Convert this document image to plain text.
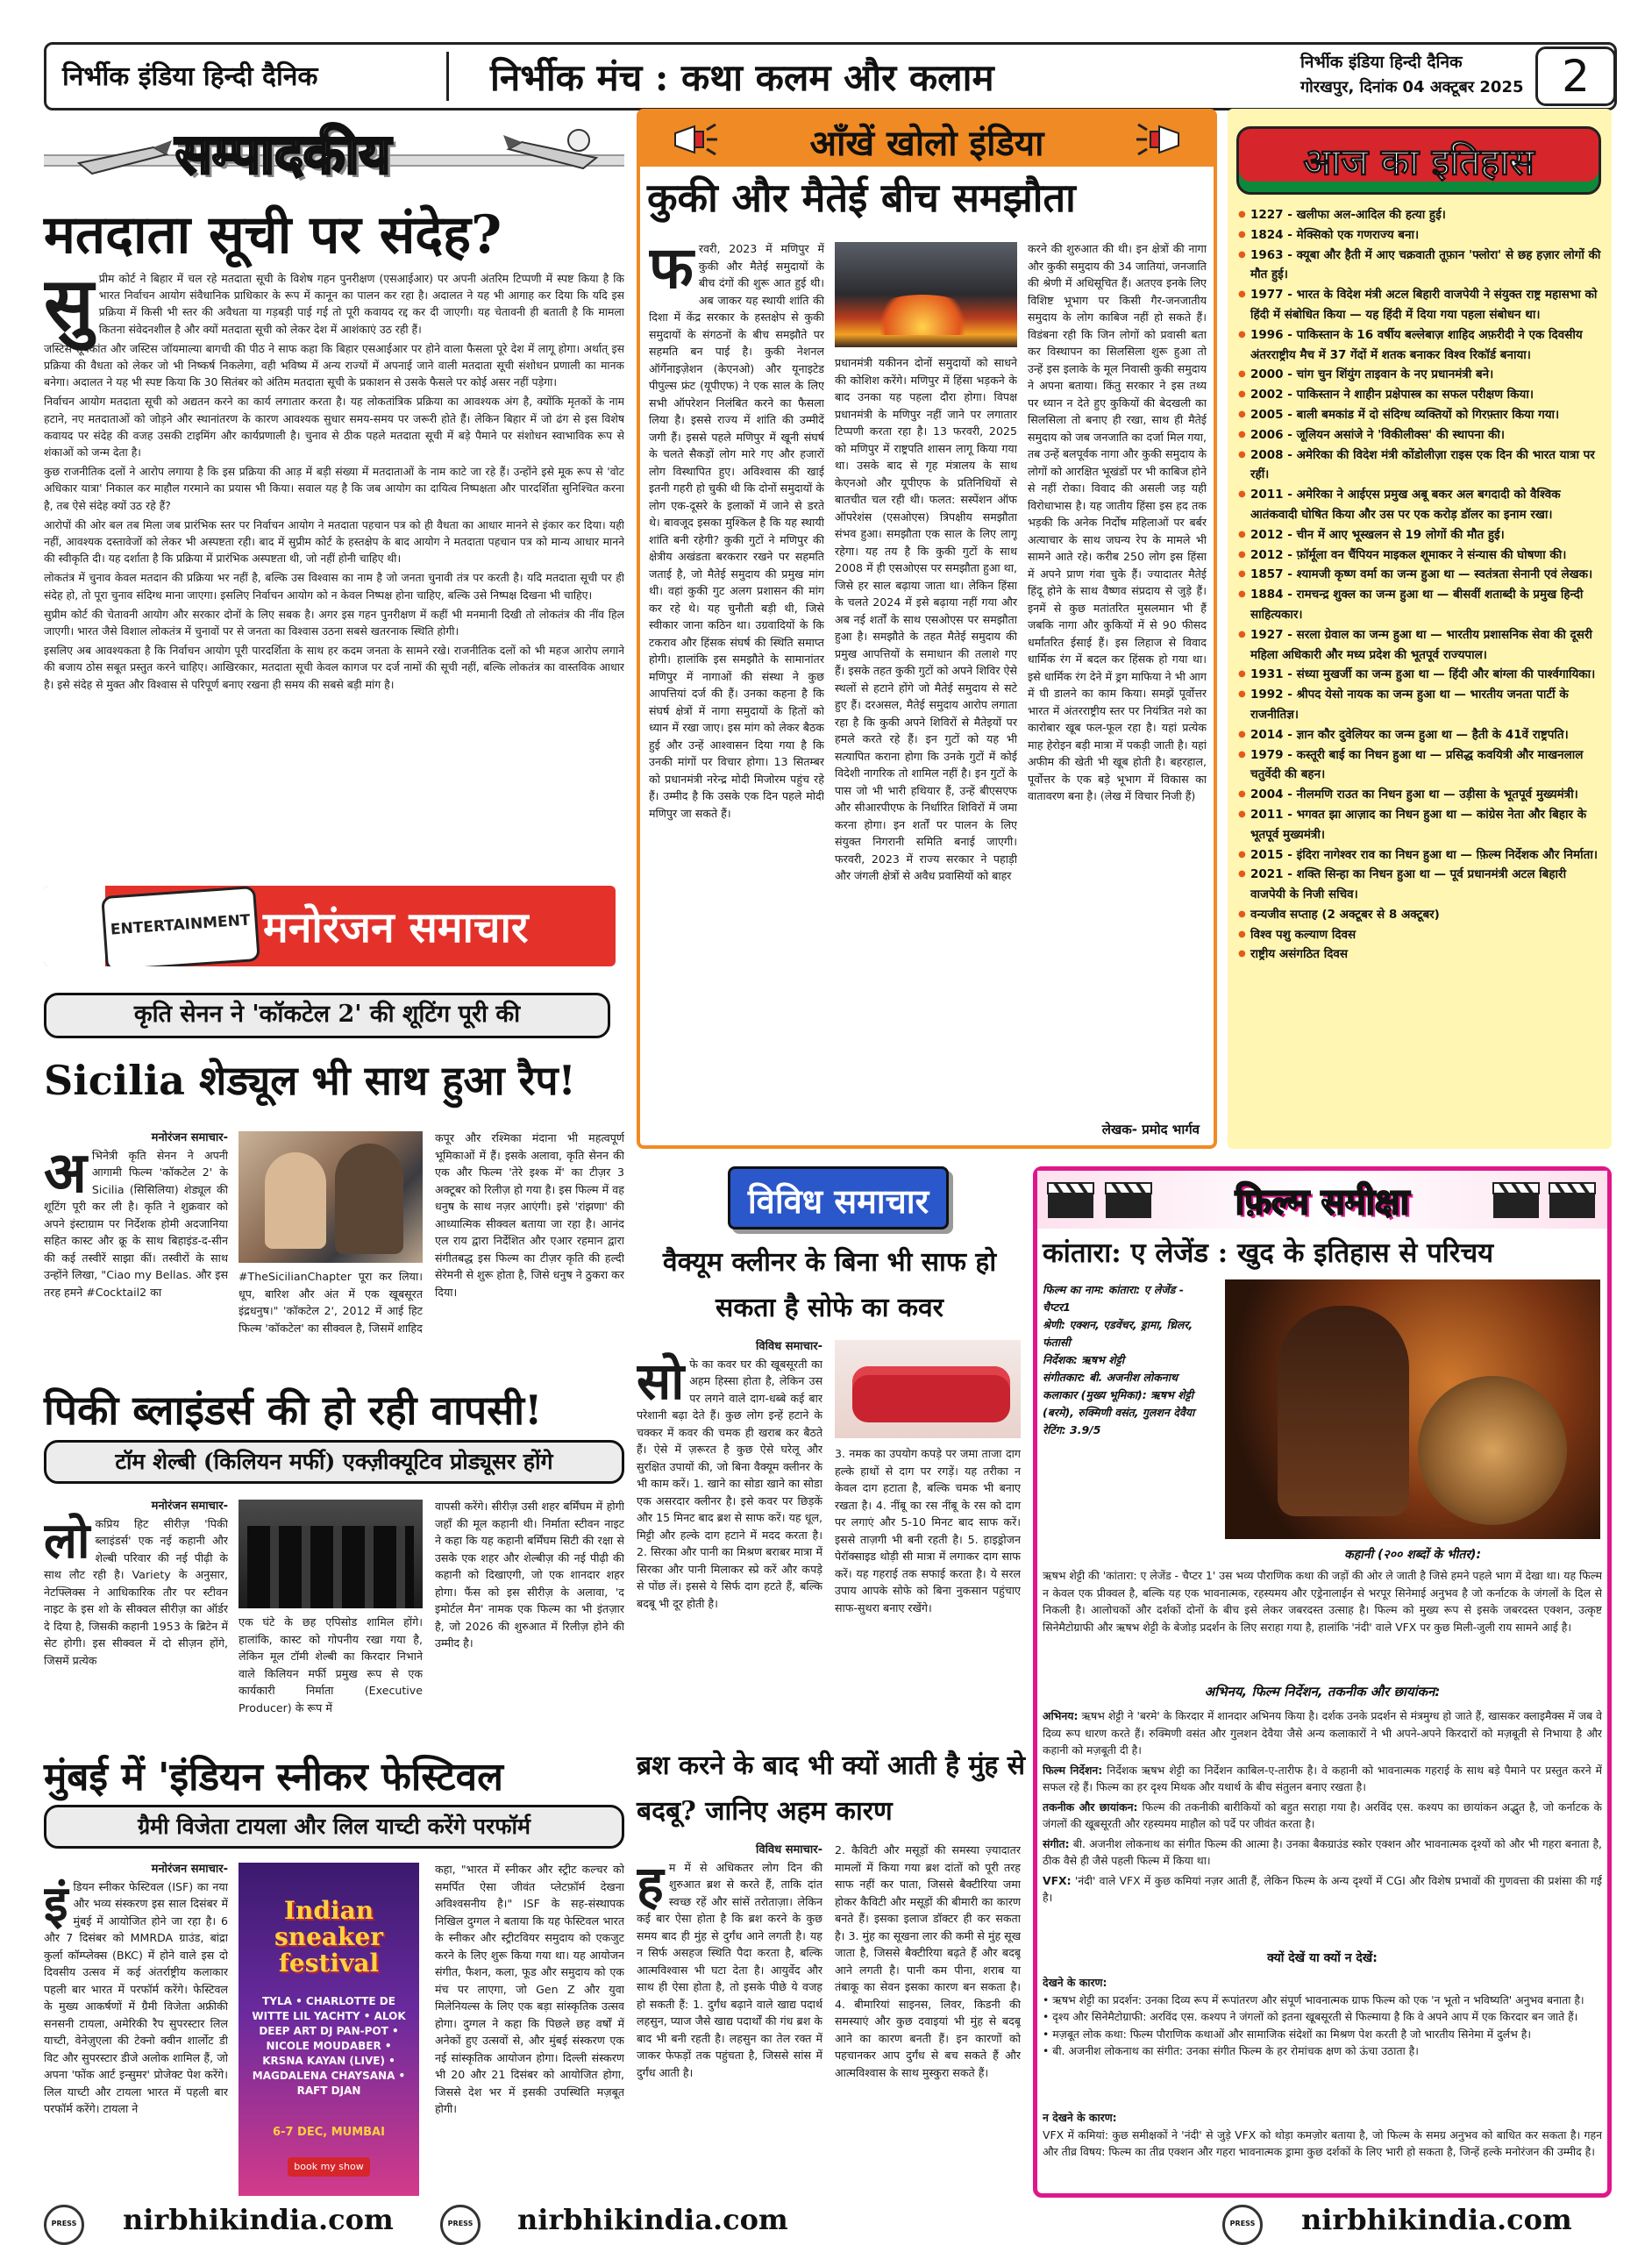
निर्भीक इंडिया हिन्दी दैनिक	निर्भीक मंच : कथा कलम और कलाम	निर्भीक इंडिया हिन्दी दैनिक
गोरखपुर, दिनांक 04 अक्टूबर 2025 2
सम्पादकीय
मतदाता सूची पर संदेह?
सु प्रीम कोर्ट ने बिहार में चल रहे मतदाता सूची के विशेष गहन पुनरीक्षण (एसआईआर) पर अपनी अंतरिम टिप्पणी में स्पष्ट किया है कि भारत निर्वाचन आयोग संवैधानिक प्राधिकार के रूप में कानून का पालन कर रहा है। अदालत ने यह भी आगाह कर दिया कि यदि इस प्रक्रिया में किसी भी स्तर की अवैधता या गड़बड़ी पाई गई तो पूरी कवायद रद्द कर दी जाएगी। यह चेतावनी ही बताती है कि मामला कितना संवेदनशील है और क्यों मतदाता सूची को लेकर देश में आशंकाएं उठ रही हैं।

जस्टिस सूर्यकांत और जस्टिस जॉयमाल्या बागची की पीठ ने साफ कहा कि बिहार एसआईआर पर होने वाला फैसला पूरे देश में लागू होगा। अर्थात् इस प्रक्रिया की वैधता को लेकर जो भी निष्कर्ष निकलेगा, वही भविष्य में अन्य राज्यों में अपनाई जाने वाली मतदाता सूची संशोधन प्रणाली का मानक बनेगा। अदालत ने यह भी स्पष्ट किया कि 30 सितंबर को अंतिम मतदाता सूची के प्रकाशन से उसके फैसले पर कोई असर नहीं पड़ेगा।

निर्वाचन आयोग मतदाता सूची को अद्यतन करने का कार्य लगातार करता है। यह लोकतांत्रिक प्रक्रिया का आवश्यक अंग है, क्योंकि मृतकों के नाम हटाने, नए मतदाताओं को जोड़ने और स्थानांतरण के कारण आवश्यक सुधार समय-समय पर जरूरी होते हैं। लेकिन बिहार में जो ढंग से इस विशेष कवायद पर संदेह की वजह उसकी टाइमिंग और कार्यप्रणाली है। चुनाव से ठीक पहले मतदाता सूची में बड़े पैमाने पर संशोधन स्वाभाविक रूप से शंकाओं को जन्म देता है।

कुछ राजनीतिक दलों ने आरोप लगाया है कि इस प्रक्रिया की आड़ में बड़ी संख्या में मतदाताओं के नाम काटे जा रहे हैं। उन्होंने इसे मूक रूप से 'वोट अधिकार यात्रा' निकाल कर माहौल गरमाने का प्रयास भी किया। सवाल यह है कि जब आयोग का दायित्व निष्पक्षता और पारदर्शिता सुनिश्चित करना है, तब ऐसे संदेह क्यों उठ रहे हैं?

आरोपों की ओर बल तब मिला जब प्रारंभिक स्तर पर निर्वाचन आयोग ने मतदाता पहचान पत्र को ही वैधता का आधार मानने से इंकार कर दिया। यही नहीं, आवश्यक दस्तावेजों को लेकर भी अस्पष्टता रही। बाद में सुप्रीम कोर्ट के हस्तक्षेप के बाद आयोग ने मतदाता पहचान पत्र को मान्य आधार मानने की स्वीकृति दी। यह दर्शाता है कि प्रक्रिया में प्रारंभिक अस्पष्टता थी, जो नहीं होनी चाहिए थी।

लोकतंत्र में चुनाव केवल मतदान की प्रक्रिया भर नहीं है, बल्कि उस विश्वास का नाम है जो जनता चुनावी तंत्र पर करती है। यदि मतदाता सूची पर ही संदेह हो, तो पूरा चुनाव संदिग्ध माना जाएगा। इसलिए निर्वाचन आयोग को न केवल निष्पक्ष होना चाहिए, बल्कि उसे निष्पक्ष दिखना भी चाहिए।

सुप्रीम कोर्ट की चेतावनी आयोग और सरकार दोनों के लिए सबक है। अगर इस गहन पुनरीक्षण में कहीं भी मनमानी दिखी तो लोकतंत्र की नींव हिल जाएगी। भारत जैसे विशाल लोकतंत्र में चुनावों पर से जनता का विश्वास उठना सबसे खतरनाक स्थिति होगी।

इसलिए अब आवश्यकता है कि निर्वाचन आयोग पूरी पारदर्शिता के साथ हर कदम जनता के सामने रखे। राजनीतिक दलों को भी महज आरोप लगाने की बजाय ठोस सबूत प्रस्तुत करने चाहिए। आखिरकार, मतदाता सूची केवल कागज पर दर्ज नामों की सूची नहीं, बल्कि लोकतंत्र का वास्तविक आधार है। इसे संदेह से मुक्त और विश्वास से परिपूर्ण बनाए रखना ही समय की सबसे बड़ी मांग है।

ENTERTAINMENT मनोरंजन समाचार
कृति सेनन ने 'कॉकटेल 2' की शूटिंग पूरी की
Sicilia शेड्यूल भी साथ हुआ रैप!
मनोरंजन समाचार-
अ भिनेत्री कृति सेनन ने अपनी आगामी फिल्म 'कॉकटेल 2' के Sicilia (सिसिलिया) शेड्यूल की शूटिंग पूरी कर ली है। कृति ने शुक्रवार को अपने इंस्टाग्राम पर निर्देशक होमी अदजानिया सहित कास्ट और क्रू के साथ बिहाइंड-द-सीन की कई तस्वीरें साझा कीं। तस्वीरों के साथ उन्होंने लिखा, "Ciao my Bellas. और इस तरह हमने #Cocktail2 का
#TheSicilianChapter पूरा कर लिया। धूप, बारिश और अंत में एक खूबसूरत इंद्रधनुष।" 'कॉकटेल 2', 2012 में आई हिट फिल्म 'कॉकटेल' का सीक्वल है, जिसमें शाहिद
कपूर और रश्मिका मंदाना भी महत्वपूर्ण भूमिकाओं में हैं। इसके अलावा, कृति सेनन की एक और फिल्म 'तेरे इश्क में' का टीज़र 3 अक्टूबर को रिलीज़ हो गया है। इस फिल्म में वह धनुष के साथ नज़र आएंगी। इसे 'रांझणा' की आध्यात्मिक सीक्वल बताया जा रहा है। आनंद एल राय द्वारा निर्देशित और एआर रहमान द्वारा संगीतबद्ध इस फिल्म का टीज़र कृति की हल्दी सेरेमनी से शुरू होता है, जिसे धनुष ने ठुकरा कर दिया।
पिकी ब्लाइंडर्स की हो रही वापसी!
टॉम शेल्बी (किलियन मर्फी) एक्ज़ीक्यूटिव प्रोड्यूसर होंगे
मनोरंजन समाचार-
लो कप्रिय हिट सीरीज़ 'पिकी ब्लाइंडर्स' एक नई कहानी और शेल्बी परिवार की नई पीढ़ी के साथ लौट रही है। Variety के अनुसार, नेटफ्लिक्स ने आधिकारिक तौर पर स्टीवन नाइट के इस शो के सीक्वल सीरीज़ का ऑर्डर दे दिया है, जिसकी कहानी 1953 के ब्रिटेन में सेट होगी। इस सीक्वल में दो सीज़न होंगे, जिसमें प्रत्येक
एक घंटे के छह एपिसोड शामिल होंगे। हालांकि, कास्ट को गोपनीय रखा गया है, लेकिन मूल टॉमी शेल्बी का किरदार निभाने वाले किलियन मर्फी प्रमुख रूप से एक कार्यकारी निर्माता (Executive Producer) के रूप में
वापसी करेंगे। सीरीज़ उसी शहर बर्मिंघम में होगी जहाँ की मूल कहानी थी। निर्माता स्टीवन नाइट ने कहा कि यह कहानी बर्मिंघम सिटी की रक्षा से उसके एक शहर और शेल्बीज़ की नई पीढ़ी की कहानी को दिखाएगी, जो एक शानदार शहर होगा। फैंस को इस सीरीज़ के अलावा, 'द इमोर्टल मैन' नामक एक फिल्म का भी इंतज़ार है, जो 2026 की शुरुआत में रिलीज़ होने की उम्मीद है।
मुंबई में 'इंडियन स्नीकर फेस्टिवल
ग्रैमी विजेता टायला और लिल याच्टी करेंगे परफॉर्म
मनोरंजन समाचार-
इं डियन स्नीकर फेस्टिवल (ISF) का नया और भव्य संस्करण इस साल दिसंबर में मुंबई में आयोजित होने जा रहा है। 6 और 7 दिसंबर को MMRDA ग्राउंड, बांद्रा कुर्ला कॉम्प्लेक्स (BKC) में होने वाले इस दो दिवसीय उत्सव में कई अंतर्राष्ट्रीय कलाकार पहली बार भारत में परफॉर्म करेंगे। फेस्टिवल के मुख्य आकर्षणों में ग्रैमी विजेता अफ्रीकी सनसनी टायला, अमेरिकी रैप सुपरस्टार लिल याच्टी, वेनेज़ुएला की टेक्नो क्वीन शार्लोट डी विट और सुपरस्टार डीजे अलोक शामिल हैं, जो अपना 'फोंक आर्ट इन्सुमर' प्रोजेक्ट पेश करेंगे। लिल याच्टी और टायला भारत में पहली बार परफॉर्म करेंगे। टायला ने
Indian sneaker festival
TYLA • CHARLOTTE DE WITTE LIL YACHTY • ALOK DEEP ART DJ PAN-POT • NICOLE MOUDABER • KRSNA KAYAN (LIVE) • MAGDALENA CHAYSANA • RAFT DJAN
6-7 DEC, MUMBAI
book my show
कहा, "भारत में स्नीकर और स्ट्रीट कल्चर को समर्पित ऐसा जीवंत प्लेटफ़ॉर्म देखना अविश्वसनीय है।" ISF के सह-संस्थापक निखिल दुग्गल ने बताया कि यह फेस्टिवल भारत के स्नीकर और स्ट्रीटवियर समुदाय को एकजुट करने के लिए शुरू किया गया था। यह आयोजन संगीत, फैशन, कला, फूड और समुदाय को एक मंच पर लाएगा, जो Gen Z और युवा मिलेनियल्स के लिए एक बड़ा सांस्कृतिक उत्सव होगा। दुग्गल ने कहा कि पिछले छह वर्षों में अनेकों हुए उत्सवों से, और मुंबई संस्करण एक नई सांस्कृतिक आयोजन होगा। दिल्ली संस्करण भी 20 और 21 दिसंबर को आयोजित होगा, जिससे देश भर में इसकी उपस्थिति मज़बूत होगी।
आँखें खोलो इंडिया
कुकी और मैतेई बीच समझौता
फ रवरी, 2023 में मणिपुर में कुकी और मैतेई समुदायों के बीच दंगों की शुरू आत हुई थी। अब जाकर यह स्थायी शांति की दिशा में केंद्र सरकार के हस्तक्षेप से कुकी समुदायों के संगठनों के बीच समझौते पर सहमति बन पाई है। कुकी नेशनल ऑर्गेनाइज़ेशन (केएनओ) और यूनाइटेड पीपुल्स फ्रंट (यूपीएफ) ने एक साल के लिए सभी ऑपरेशन निलंबित करने का फैसला लिया है। इससे राज्य में शांति की उम्मीदें जगी हैं। इससे पहले मणिपुर में खूनी संघर्ष के चलते सैकड़ों लोग मारे गए और हजारों लोग विस्थापित हुए। अविश्वास की खाई इतनी गहरी हो चुकी थी कि दोनों समुदायों के लोग एक-दूसरे के इलाकों में जाने से डरते थे। बावजूद इसका मुश्किल है कि यह स्थायी शांति बनी रहेगी? कुकी गुटों ने मणिपुर की क्षेत्रीय अखंडता बरकरार रखने पर सहमति जताई है, जो मैतेई समुदाय की प्रमुख मांग थी। वहां कुकी गुट अलग प्रशासन की मांग कर रहे थे। यह चुनौती बड़ी थी, जिसे स्वीकार जाना कठिन था। उग्रवादियों के कि टकराव और हिंसक संघर्ष की स्थिति समाप्त होगी। हालांकि इस समझौते के सामानांतर मणिपुर में नागाओं की संस्था ने कुछ आपत्तियां दर्ज की हैं। उनका कहना है कि संघर्ष क्षेत्रों में नागा समुदायों के हितों को ध्यान में रखा जाए। इस मांग को लेकर बैठक हुई और उन्हें आश्वासन दिया गया है कि उनकी मांगों पर विचार होगा। 13 सितम्बर को प्रधानमंत्री नरेन्द्र मोदी मिजोरम पहुंच रहे हैं। उम्मीद है कि उसके एक दिन पहले मोदी मणिपुर जा सकते हैं।
प्रधानमंत्री यकीनन दोनों समुदायों को साधने की कोशिश करेंगे। मणिपुर में हिंसा भड़कने के बाद उनका यह पहला दौरा होगा। विपक्ष प्रधानमंत्री के मणिपुर नहीं जाने पर लगातार टिप्पणी करता रहा है। 13 फरवरी, 2025 को मणिपुर में राष्ट्रपति शासन लागू किया गया था। उसके बाद से गृह मंत्रालय के साथ केएनओ और यूपीएफ के प्रतिनिधियों से बातचीत चल रही थी। फलत: सस्पेंशन ऑफ ऑपरेशंस (एसओएस) त्रिपक्षीय समझौता संभव हुआ। समझौता एक साल के लिए लागू रहेगा। यह तय है कि कुकी गुटों के साथ 2008 में ही एसओएस पर समझौता हुआ था, जिसे हर साल बढ़ाया जाता था। लेकिन हिंसा के चलते 2024 में इसे बढ़ाया नहीं गया और अब नई शर्तों के साथ एसओएस पर समझौता हुआ है। समझौते के तहत मैतेई समुदाय की प्रमुख आपत्तियों के समाधान की तलाशे गए हैं। इसके तहत कुकी गुटों को अपने शिविर ऐसे स्थलों से हटाने होंगे जो मैतेई समुदाय से सटे हुए हैं। दरअसल, मैतेई समुदाय आरोप लगाता रहा है कि कुकी अपने शिविरों से मैतेइयों पर हमले करते रहे हैं। इन गुटों को यह भी सत्यापित कराना होगा कि उनके गुटों में कोई विदेशी नागरिक तो शामिल नहीं है। इन गुटों के पास जो भी भारी हथियार हैं, उन्हें बीएसएफ और सीआरपीएफ के निर्धारित शिविरों में जमा करना होगा। इन शर्तों पर पालन के लिए संयुक्त निगरानी समिति बनाई जाएगी। फरवरी, 2023 में राज्य सरकार ने पहाड़ी और जंगली क्षेत्रों से अवैध प्रवासियों को बाहर
करने की शुरुआत की थी। इन क्षेत्रों की नागा और कुकी समुदाय की 34 जातियां, जनजाति की श्रेणी में अधिसूचित हैं। अतएव इनके लिए विशिष्ट भूभाग पर किसी गैर-जनजातीय समुदाय के लोग काबिज नहीं हो सकते हैं। विडंबना रही कि जिन लोगों को प्रवासी बता कर विस्थापन का सिलसिला शुरू हुआ तो उन्हें इस इलाके के मूल निवासी कुकी समुदाय ने अपना बताया। किंतु सरकार ने इस तथ्य पर ध्यान न देते हुए कुकियों की बेदखली का सिलसिला तो बनाए ही रखा, साथ ही मैतेई समुदाय को जब जनजाति का दर्जा मिल गया, तब उन्हें बलपूर्वक नागा और कुकी समुदाय के लोगों को आरक्षित भूखंडों पर भी काबिज होने से नहीं रोका। विवाद की असली जड़ यही विरोधाभास है। यह जातीय हिंसा इस हद तक भड़की कि अनेक निर्दोष महिलाओं पर बर्बर अत्याचार के साथ जघन्य रेप के मामले भी सामने आते रहे। करीब 250 लोग इस हिंसा में अपने प्राण गंवा चुके हैं। ज्यादातर मैतेई हिंदू होने के साथ वैष्णव संप्रदाय से जुड़े हैं। इनमें से कुछ मतांतरित मुसलमान भी हैं जबकि नागा और कुकियों में से 90 फीसद धर्मांतरित ईसाई हैं। इस लिहाज से विवाद धार्मिक रंग में बदल कर हिंसक हो गया था। इसे धार्मिक रंग देने में ड्रग माफिया ने भी आग में घी डालने का काम किया। समझें पूर्वोत्तर भारत में अंतरराष्ट्रीय स्तर पर नियंत्रित नशे का कारोबार खूब फल-फूल रहा है। यहां प्रत्येक माह हेरोइन बड़ी मात्रा में पकड़ी जाती है। यहां अफीम की खेती भी खूब होती है। बहरहाल, पूर्वोत्तर के एक बड़े भूभाग में विकास का वातावरण बना है। (लेख में विचार निजी हैं)
लेखक- प्रमोद भार्गव
आज का इतिहास
● 1227 - खलीफा अल-आदिल की हत्या हुई।
● 1824 - मेक्सिको एक गणराज्य बना।
● 1963 - क्यूबा और हैती में आए चक्रवाती तूफ़ान 'फ्लोरा' से छह हज़ार लोगों की मौत हुई।
● 1977 - भारत के विदेश मंत्री अटल बिहारी वाजपेयी ने संयुक्त राष्ट्र महासभा को हिंदी में संबोधित किया — यह हिंदी में दिया गया पहला संबोधन था।
● 1996 - पाकिस्तान के 16 वर्षीय बल्लेबाज़ शाहिद अफ़रीदी ने एक दिवसीय अंतरराष्ट्रीय मैच में 37 गेंदों में शतक बनाकर विश्व रिकॉर्ड बनाया।
● 2000 - चांग चुन शिंयुंग ताइवान के नए प्रधानमंत्री बने।
● 2002 - पाकिस्तान ने शाहीन प्रक्षेपास्त्र का सफल परीक्षण किया।
● 2005 - बाली बमकांड में दो संदिग्ध व्यक्तियों को गिरफ़्तार किया गया।
● 2006 - जूलियन असांजे ने 'विकीलीक्स' की स्थापना की।
● 2008 - अमेरिका की विदेश मंत्री कोंडोलीज़ा राइस एक दिन की भारत यात्रा पर रहीं।
● 2011 - अमेरिका ने आईएस प्रमुख अबू बकर अल बगदादी को वैश्विक आतंकवादी घोषित किया और उस पर एक करोड़ डॉलर का इनाम रखा।
● 2012 - चीन में आए भूस्खलन से 19 लोगों की मौत हुई।
● 2012 - फ़ॉर्मूला वन चैंपियन माइकल शूमाकर ने संन्यास की घोषणा की।
● 1857 - श्यामजी कृष्ण वर्मा का जन्म हुआ था — स्वतंत्रता सेनानी एवं लेखक।
● 1884 - रामचन्द्र शुक्ल का जन्म हुआ था — बीसवीं शताब्दी के प्रमुख हिन्दी साहित्यकार।
● 1927 - सरला ग्रेवाल का जन्म हुआ था — भारतीय प्रशासनिक सेवा की दूसरी महिला अधिकारी और मध्य प्रदेश की भूतपूर्व राज्यपाल।
● 1931 - संध्या मुखर्जी का जन्म हुआ था — हिंदी और बांग्ला की पार्श्वगायिका।
● 1992 - श्रीपद येसो नायक का जन्म हुआ था — भारतीय जनता पार्टी के राजनीतिज्ञ।
● 2014 - ज्ञान कौर दुवेलियर का जन्म हुआ था — हैती के 41वें राष्ट्रपति।
● 1979 - कस्तूरी बाई का निधन हुआ था — प्रसिद्ध कवयित्री और माखनलाल चतुर्वेदी की बहन।
● 2004 - नीलमणि राउत का निधन हुआ था — उड़ीसा के भूतपूर्व मुख्यमंत्री।
● 2011 - भगवत झा आज़ाद का निधन हुआ था — कांग्रेस नेता और बिहार के भूतपूर्व मुख्यमंत्री।
● 2015 - इंदिरा नागेश्वर राव का निधन हुआ था — फ़िल्म निर्देशक और निर्माता।
● 2021 - शक्ति सिन्हा का निधन हुआ था — पूर्व प्रधानमंत्री अटल बिहारी वाजपेयी के निजी सचिव।
● वन्यजीव सप्ताह (2 अक्टूबर से 8 अक्टूबर)
● विश्व पशु कल्याण दिवस
● राष्ट्रीय असंगठित दिवस
विविध समाचार
वैक्यूम क्लीनर के बिना भी साफ हो सकता है सोफे का कवर
विविध समाचार-
सो फे का कवर घर की खूबसूरती का अहम हिस्सा होता है, लेकिन उस पर लगने वाले दाग-धब्बे कई बार परेशानी बढ़ा देते हैं। कुछ लोग इन्हें हटाने के चक्कर में कवर की चमक ही खराब कर बैठते हैं। ऐसे में ज़रूरत है कुछ ऐसे घरेलू और सुरक्षित उपायों की, जो बिना वैक्यूम क्लीनर के भी काम करें। 1. खाने का सोडा खाने का सोडा एक असरदार क्लीनर है। इसे कवर पर छिड़कें और 15 मिनट बाद ब्रश से साफ करें। यह धूल, मिट्टी और हल्के दाग हटाने में मदद करता है। 2. सिरका और पानी का मिश्रण बराबर मात्रा में सिरका और पानी मिलाकर स्प्रे करें और कपड़े से पोंछ लें। इससे ये सिर्फ दाग हटते हैं, बल्कि बदबू भी दूर होती है।
3. नमक का उपयोग कपड़े पर जमा ताजा दाग हल्के हाथों से दाग पर रगड़ें। यह तरीका न केवल दाग हटाता है, बल्कि चमक भी बनाए रखता है। 4. नींबू का रस नींबू के रस को दाग पर लगाएं और 5-10 मिनट बाद साफ करें। इससे ताज़गी भी बनी रहती है। 5. हाइड्रोजन पेरॉक्साइड थोड़ी सी मात्रा में लगाकर दाग साफ करें। यह गहराई तक सफाई करता है। ये सरल उपाय आपके सोफे को बिना नुकसान पहुंचाए साफ-सुथरा बनाए रखेंगे।
ब्रश करने के बाद भी क्यों आती है मुंह से बदबू? जानिए अहम कारण
विविध समाचार-
ह म में से अधिकतर लोग दिन की शुरुआत ब्रश से करते हैं, ताकि दांत स्वच्छ रहें और सांसें तरोताज़ा। लेकिन कई बार ऐसा होता है कि ब्रश करने के कुछ समय बाद ही मुंह से दुर्गंध आने लगती है। यह न सिर्फ असहज स्थिति पैदा करता है, बल्कि आत्मविश्वास भी घटा देता है। आयुर्वेद और साथ ही ऐसा होता है, तो इसके पीछे ये वजह हो सकती हैं: 1. दुर्गंध बढ़ाने वाले खाद्य पदार्थ लहसुन, प्याज जैसे खाद्य पदार्थों की गंध ब्रश के बाद भी बनी रहती है। लहसुन का तेल रक्त में जाकर फेफड़ों तक पहुंचता है, जिससे सांस में दुर्गंध आती है।
2. कैविटी और मसूड़ों की समस्या ज़्यादातर मामलों में किया गया ब्रश दांतों को पूरी तरह साफ नहीं कर पाता, जिससे बैक्टीरिया जमा होकर कैविटी और मसूड़ों की बीमारी का कारण बनते हैं। इसका इलाज डॉक्टर ही कर सकता है। 3. मुंह का सूखना लार की कमी से मुंह सूख जाता है, जिससे बैक्टीरिया बढ़ते हैं और बदबू आने लगती है। पानी कम पीना, शराब या तंबाकू का सेवन इसका कारण बन सकता है। 4. बीमारियां साइनस, लिवर, किडनी की समस्याएं और कुछ दवाइयां भी मुंह से बदबू आने का कारण बनती हैं। इन कारणों को पहचानकर आप दुर्गंध से बच सकते हैं और आत्मविश्वास के साथ मुस्कुरा सकते हैं।
फ़िल्म समीक्षा
कांतारा: ए लेजेंड : खुद के इतिहास से परिचय
फिल्म का नाम: कांतारा: ए लेजेंड - चैप्टर1
श्रेणी: एक्शन, एडवेंचर, ड्रामा, थ्रिलर, फंतासी
निर्देशक: ऋषभ शेट्टी
संगीतकार: बी. अजनीश लोकनाथ
कलाकार (मुख्य भूमिका): ऋषभ शेट्टी (बरमे), रुक्मिणी वसंत, गुलशन देवैया
रेटिंग: 3.9/5
कहानी (२०० शब्दों के भीतर):
ऋषभ शेट्टी की 'कांतारा: ए लेजेंड - चैप्टर 1' उस भव्य पौराणिक कथा की जड़ों की ओर ले जाती है जिसे हमने पहले भाग में देखा था। यह फिल्म न केवल एक प्रीक्वल है, बल्कि यह एक भावनात्मक, रहस्यमय और एड्रेनालाईन से भरपूर सिनेमाई अनुभव है जो कर्नाटक के जंगलों के दिल से निकली है। आलोचकों और दर्शकों दोनों के बीच इसे लेकर जबरदस्त उत्साह है। फिल्म को मुख्य रूप से इसके जबरदस्त एक्शन, उत्कृष्ट सिनेमैटोग्राफी और ऋषभ शेट्टी के बेजोड़ प्रदर्शन के लिए सराहा गया है, हालांकि 'नंदी' वाले VFX पर कुछ मिली-जुली राय सामने आई है।
अभिनय, फिल्म निर्देशन, तकनीक और छायांकन:

अभिनय: ऋषभ शेट्टी ने 'बरमे' के किरदार में शानदार अभिनय किया है। दर्शक उनके प्रदर्शन से मंत्रमुग्ध हो जाते हैं, खासकर क्लाइमैक्स में जब वे दिव्य रूप धारण करते हैं। रुक्मिणी वसंत और गुलशन देवैया जैसे अन्य कलाकारों ने भी अपने-अपने किरदारों को मज़बूती से निभाया है और कहानी को मज़बूती दी है।

फिल्म निर्देशन: निर्देशक ऋषभ शेट्टी का निर्देशन काबिल-ए-तारीफ है। वे कहानी को भावनात्मक गहराई के साथ बड़े पैमाने पर प्रस्तुत करने में सफल रहे हैं। फिल्म का हर दृश्य मिथक और यथार्थ के बीच संतुलन बनाए रखता है।

तकनीक और छायांकन: फिल्म की तकनीकी बारीकियों को बहुत सराहा गया है। अरविंद एस. कश्यप का छायांकन अद्भुत है, जो कर्नाटक के जंगलों की खूबसूरती और रहस्यमय माहौल को पर्दे पर जीवंत करता है।

संगीत: बी. अजनीश लोकनाथ का संगीत फिल्म की आत्मा है। उनका बैकग्राउंड स्कोर एक्शन और भावनात्मक दृश्यों को और भी गहरा बनाता है, ठीक वैसे ही जैसे पहली फिल्म में किया था।

VFX: 'नंदी' वाले VFX में कुछ कमियां नज़र आती हैं, लेकिन फिल्म के अन्य दृश्यों में CGI और विशेष प्रभावों की गुणवत्ता की प्रशंसा की गई है।

क्यों देखें या क्यों न देखें:
देखने के कारण:
• ऋषभ शेट्टी का प्रदर्शन: उनका दिव्य रूप में रूपांतरण और संपूर्ण भावनात्मक ग्राफ फिल्म को एक 'न भूतो न भविष्यति' अनुभव बनाता है।
• दृश्य और सिनेमैटोग्राफी: अरविंद एस. कश्यप ने जंगलों को इतना खूबसूरती से फिल्माया है कि वे अपने आप में एक किरदार बन जाते हैं।
• मज़बूत लोक कथा: फिल्म पौराणिक कथाओं और सामाजिक संदेशों का मिश्रण पेश करती है जो भारतीय सिनेमा में दुर्लभ है।
• बी. अजनीश लोकनाथ का संगीत: उनका संगीत फिल्म के हर रोमांचक क्षण को ऊंचा उठाता है।
न देखने के कारण:
VFX में कमियां: कुछ समीक्षकों ने 'नंदी' से जुड़े VFX को थोड़ा कमज़ोर बताया है, जो फिल्म के समग्र अनुभव को बाधित कर सकता है। गहन और तीव्र विषय: फिल्म का तीव्र एक्शन और गहरा भावनात्मक ड्रामा कुछ दर्शकों के लिए भारी हो सकता है, जिन्हें हल्के मनोरंजन की उम्मीद है।
PRESS nirbhikindia.com	PRESS nirbhikindia.com	PRESS nirbhikindia.com
